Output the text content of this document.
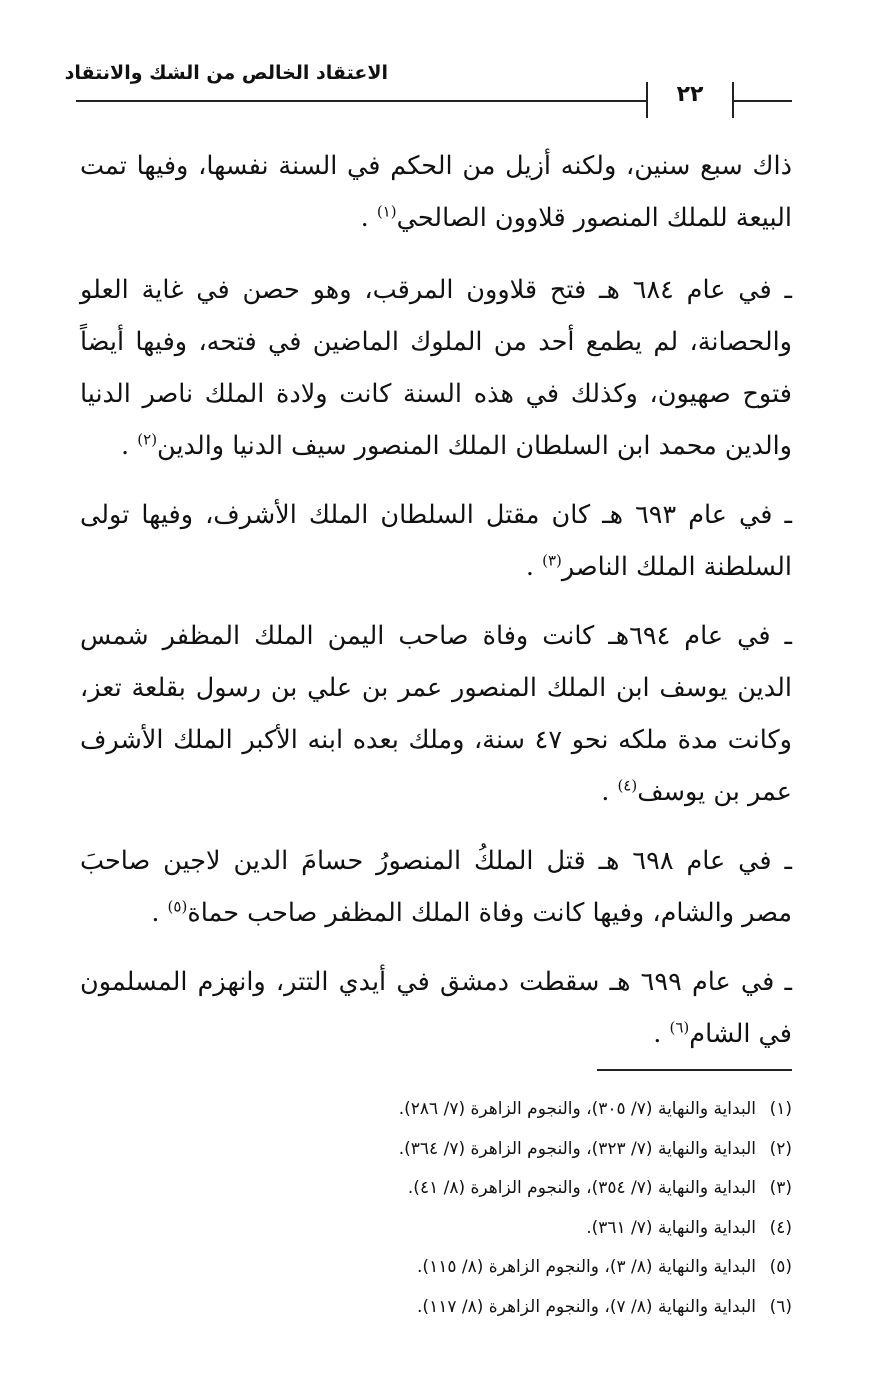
الاعتقاد الخالص من الشك والانتقاد
٢٢

ذاك سبع سنين، ولكنه أزيل من الحكم في السنة نفسها، وفيها تمت البيعة للملك المنصور قلاوون الصالحي$^{(١)}$ .

ـ في عام ٦٨٤ هـ فتح قلاوون المرقب، وهو حصن في غاية العلو والحصانة، لم يطمع أحد من الملوك الماضين في فتحه، وفيها أيضاً فتوح صهيون، وكذلك في هذه السنة كانت ولادة الملك ناصر الدنيا والدين محمد ابن السلطان الملك المنصور سيف الدنيا والدين$^{(٢)}$ .

ـ في عام ٦٩٣ هـ كان مقتل السلطان الملك الأشرف، وفيها تولى السلطنة الملك الناصر$^{(٣)}$ .

ـ في عام ٦٩٤هـ كانت وفاة صاحب اليمن الملك المظفر شمس الدين يوسف ابن الملك المنصور عمر بن علي بن رسول بقلعة تعز، وكانت مدة ملكه نحو ٤٧ سنة، وملك بعده ابنه الأكبر الملك الأشرف عمر بن يوسف$^{(٤)}$ .

ـ في عام ٦٩٨ هـ قتل الملكُ المنصورُ حسامَ الدين لاجين صاحبَ مصر والشام، وفيها كانت وفاة الملك المظفر صاحب حماة$^{(٥)}$ .

ـ في عام ٦٩٩ هـ سقطت دمشق في أيدي التتر، وانهزم المسلمون في الشام$^{(٦)}$ .

(١)البداية والنهاية (٧/ ٣٠٥)، والنجوم الزاهرة (٧/ ٢٨٦).
(٢)البداية والنهاية (٧/ ٣٢٣)، والنجوم الزاهرة (٧/ ٣٦٤).
(٣)البداية والنهاية (٧/ ٣٥٤)، والنجوم الزاهرة (٨/ ٤١).
(٤)البداية والنهاية (٧/ ٣٦١).
(٥)البداية والنهاية (٨/ ٣)، والنجوم الزاهرة (٨/ ١١٥).
(٦)البداية والنهاية (٨/ ٧)، والنجوم الزاهرة (٨/ ١١٧).
